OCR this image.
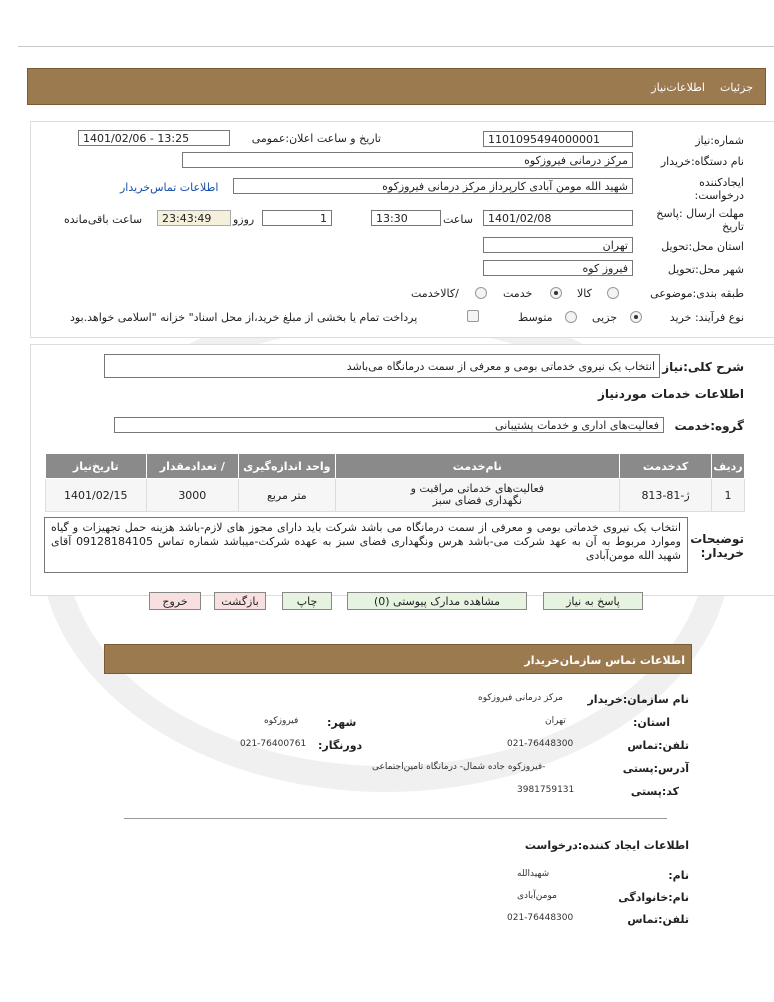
جزئیات
اطلاعات‌نیاز
شماره:نیاز
1101095494000001
تاریخ و ساعت اعلان:عمومی
1401/02/06 - 13:25
نام دستگاه:خریدار
مرکز درمانی فیروزکوه
ایجادکننده درخواست:
شهید الله مومن آبادی کارپرداز مرکز درمانی فیروزکوه
اطلاعات تماس‌خریدار
مهلت ارسال :پاسخ تاریخ
1401/02/08
ساعت
13:30
1
روزو
23:43:49
ساعت باقی‌مانده
استان محل:تحویل
تهران
شهر محل:تحویل
فیروز کوه
طبقه بندی:موضوعی
کالا
خدمت
/کالاخدمت
نوع فرآیند: خرید
جزیی
متوسط
پرداخت تمام یا بخشی از مبلغ خرید،از محل اسناد" خزانه "اسلامی خواهد.بود
شرح کلی:نیاز
انتخاب یک نیروی خدماتی بومی و معرفی از سمت درمانگاه می‌باشد
اطلاعات خدمات موردنیاز
گروه:خدمت
فعالیت‌های اداری و خدمات پشتیبانی
ردیف	کدخدمت	نام‌خدمت	واحد اندازه‌گیری	/ تعدادمقدار	تاریخ‌نیاز
1	ژ-81-813	فعالیت‌های خدماتی مراقبت و نگهداری فضای سبز	متر مربع	3000	1401/02/15
توضیحات خریدار:
انتخاب یک نیروی خدماتی بومی و معرفی از سمت درمانگاه می باشد شرکت باید دارای مجوز های لازم-باشد هزینه حمل تجهیزات و گیاه وموارد مربوط به آن به عهد شرکت می-باشد هرس ونگهداری فضای سبز به عهده شرکت-میباشد شماره تماس 09128184105 آقای شهید الله مومن‌آبادی
پاسخ به نیاز
مشاهده مدارک پیوستی (0)
چاپ
بازگشت
خروج
اطلاعات تماس سازمان‌خریدار
نام سازمان:خریدار
مرکز درمانی فیروزکوه
استان:
تهران
شهر:
فیروزکوه
تلفن:تماس
021-76448300
دورنگار:
021-76400761
آدرس:پستی
-فیروزکوه جاده شمال- درمانگاه تامین‌اجتماعی
کد:پستی
3981759131
اطلاعات ایجاد کننده:درخواست
نام:
شهیدالله
نام:خانوادگی
مومن‌آبادی
تلفن:تماس
021-76448300
